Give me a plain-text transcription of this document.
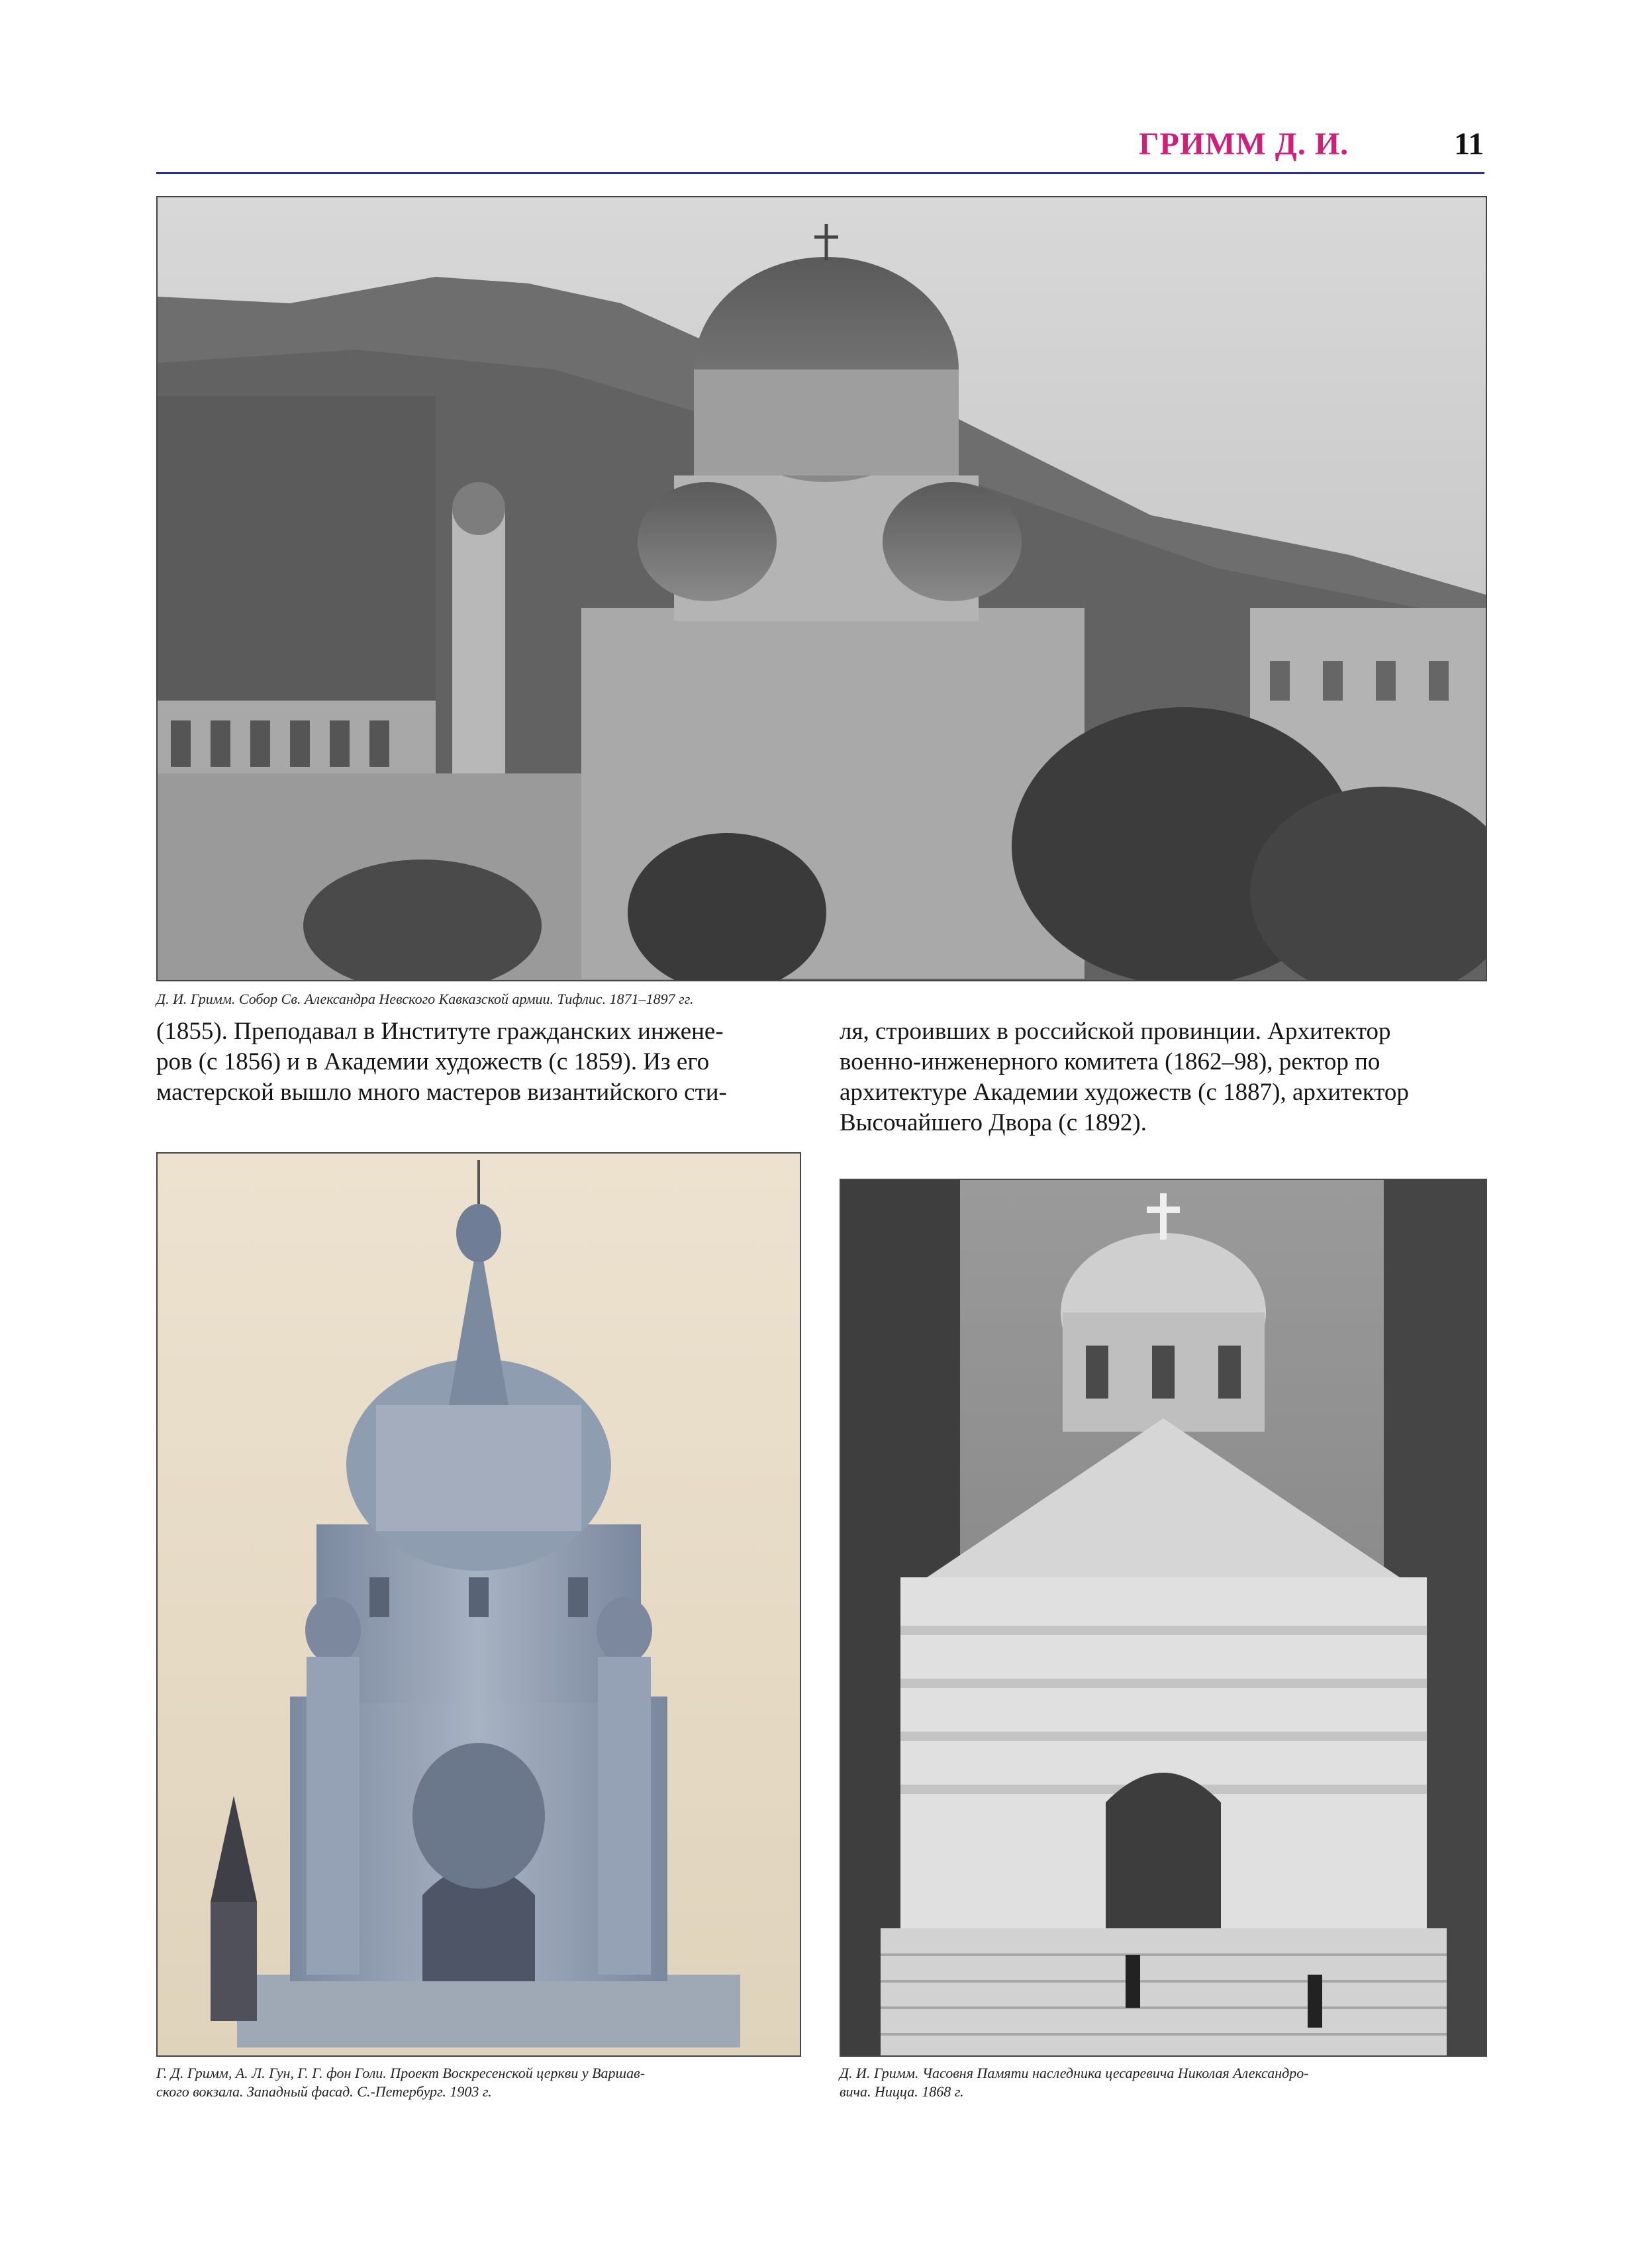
ГРИММ Д. И.	11
Д. И. Гримм. Собор Св. Александра Невского Кавказской армии. Тифлис. 1871–1897 гг.
(1855). Преподавал в Институте гражданских инжене-
ров (с 1856) и в Академии художеств (с 1859). Из его
мастерской вышло много мастеров византийского сти-
ля, строивших в российской провинции. Архитектор
военно-инженерного комитета (1862–98), ректор по
архитектуре Академии художеств (с 1887), архитектор
Высочайшего Двора (с 1892).
Г. Д. Гримм, А. Л. Гун, Г. Г. фон Голи. Проект Воскресенской церкви у Варшав-
ского вокзала. Западный фасад. С.-Петербург. 1903 г.
Д. И. Гримм. Часовня Памяти наследника цесаревича Николая Александро-
вича. Ницца. 1868 г.
